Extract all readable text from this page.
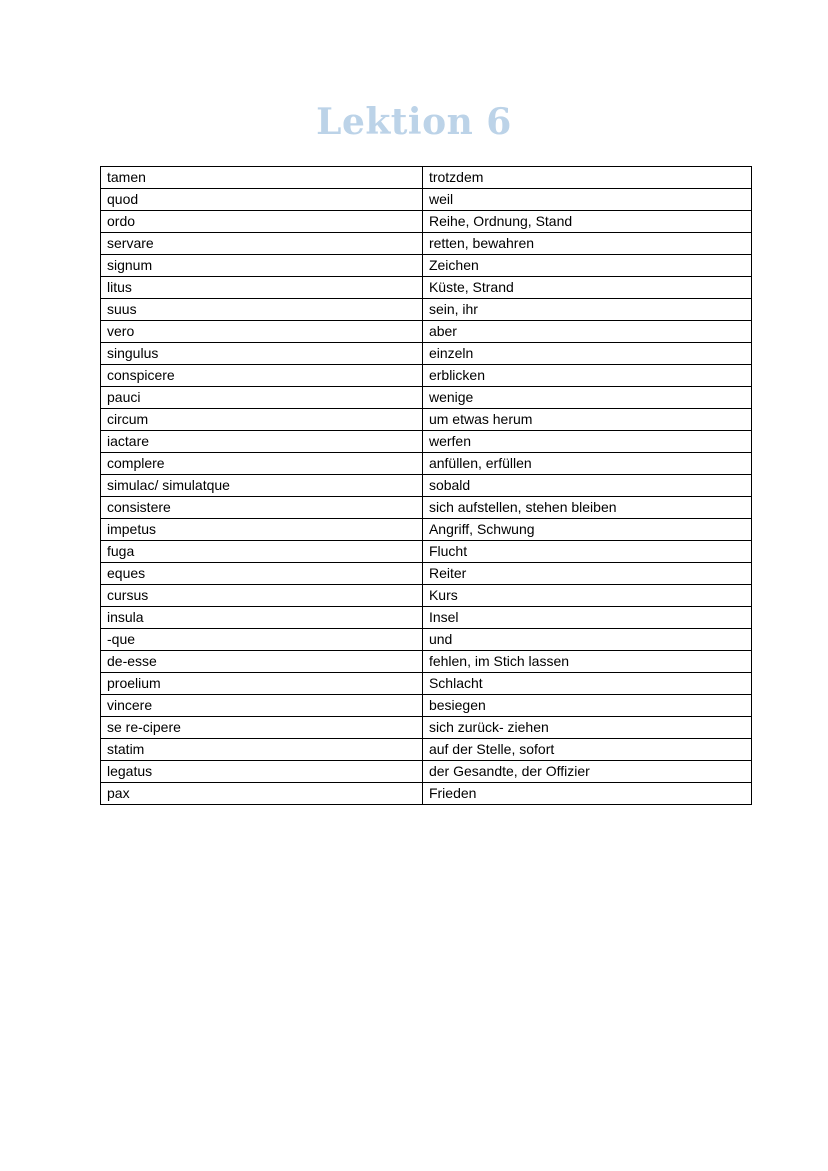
Lektion 6
tamen	trotzdem
quod	weil
ordo	Reihe, Ordnung, Stand
servare	retten, bewahren
signum	Zeichen
litus	Küste, Strand
suus	sein, ihr
vero	aber
singulus	einzeln
conspicere	erblicken
pauci	wenige
circum	um etwas herum
iactare	werfen
complere	anfüllen, erfüllen
simulac/ simulatque	sobald
consistere	sich aufstellen, stehen bleiben
impetus	Angriff, Schwung
fuga	Flucht
eques	Reiter
cursus	Kurs
insula	Insel
-que	und
de-esse	fehlen, im Stich lassen
proelium	Schlacht
vincere	besiegen
se re-cipere	sich zurück- ziehen
statim	auf der Stelle, sofort
legatus	der Gesandte, der Offizier
pax	Frieden
